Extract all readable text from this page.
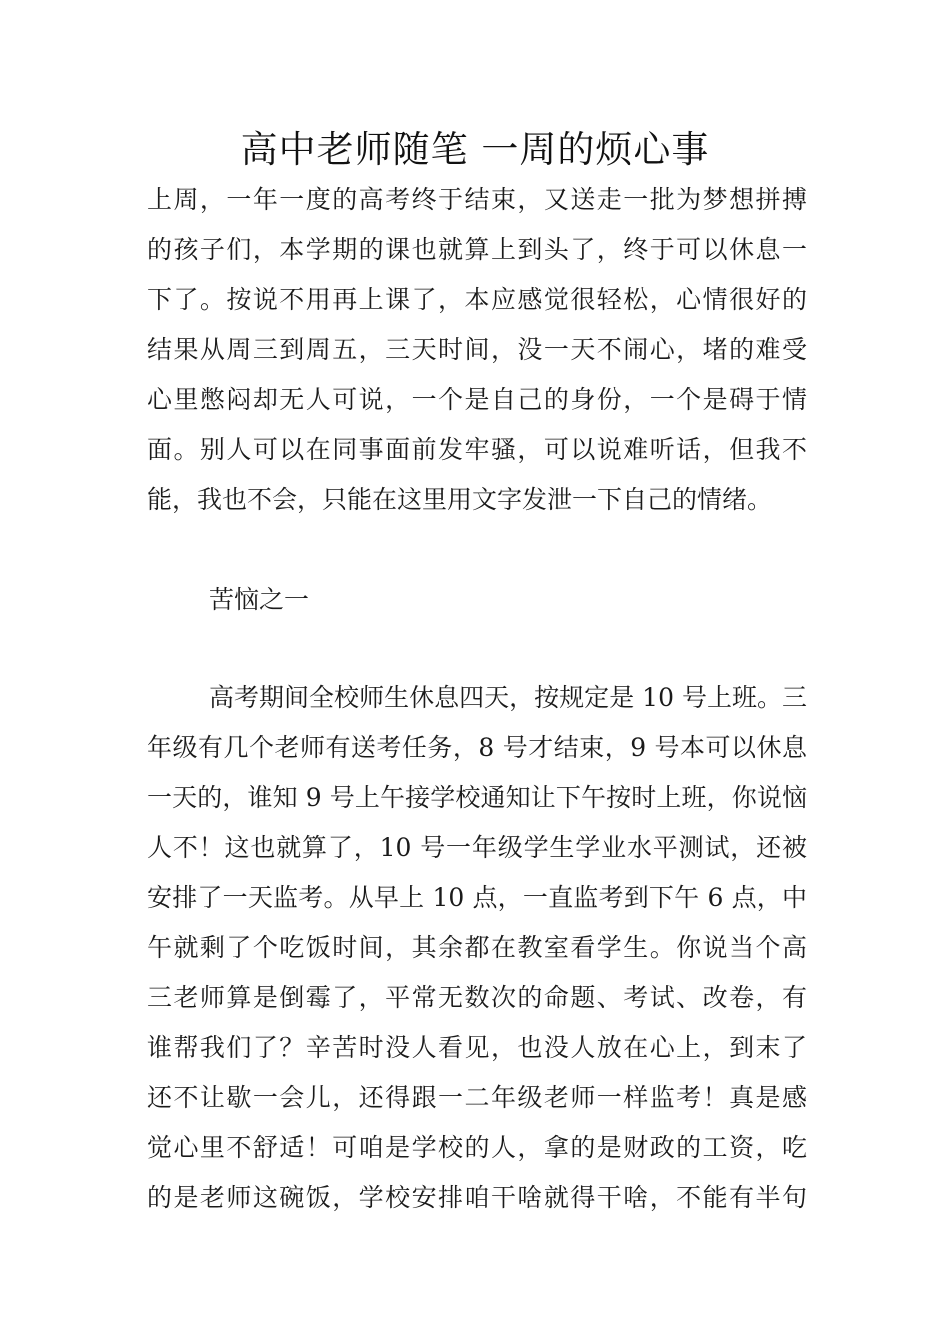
高中老师随笔 一周的烦心事
上周，一年一度的高考终于结束，又送走一批为梦想拼搏
的孩子们，本学期的课也就算上到头了，终于可以休息一
下了。按说不用再上课了，本应感觉很轻松，心情很好的
结果从周三到周五，三天时间，没一天不闹心，堵的难受
心里憋闷却无人可说，一个是自己的身份，一个是碍于情
面。别人可以在同事面前发牢骚，可以说难听话，但我不
能，我也不会，只能在这里用文字发泄一下自己的情绪。
苦恼之一
高考期间全校师生休息四天，按规定是 10 号上班。三
年级有几个老师有送考任务，8 号才结束，9 号本可以休息
一天的，谁知 9 号上午接学校通知让下午按时上班，你说恼
人不！这也就算了，10 号一年级学生学业水平测试，还被
安排了一天监考。从早上 10 点，一直监考到下午 6 点，中
午就剩了个吃饭时间，其余都在教室看学生。你说当个高
三老师算是倒霉了，平常无数次的命题、考试、改卷，有
谁帮我们了？辛苦时没人看见，也没人放在心上，到末了
还不让歇一会儿，还得跟一二年级老师一样监考！真是感
觉心里不舒适！可咱是学校的人，拿的是财政的工资，吃
的是老师这碗饭，学校安排咱干啥就得干啥，不能有半句
